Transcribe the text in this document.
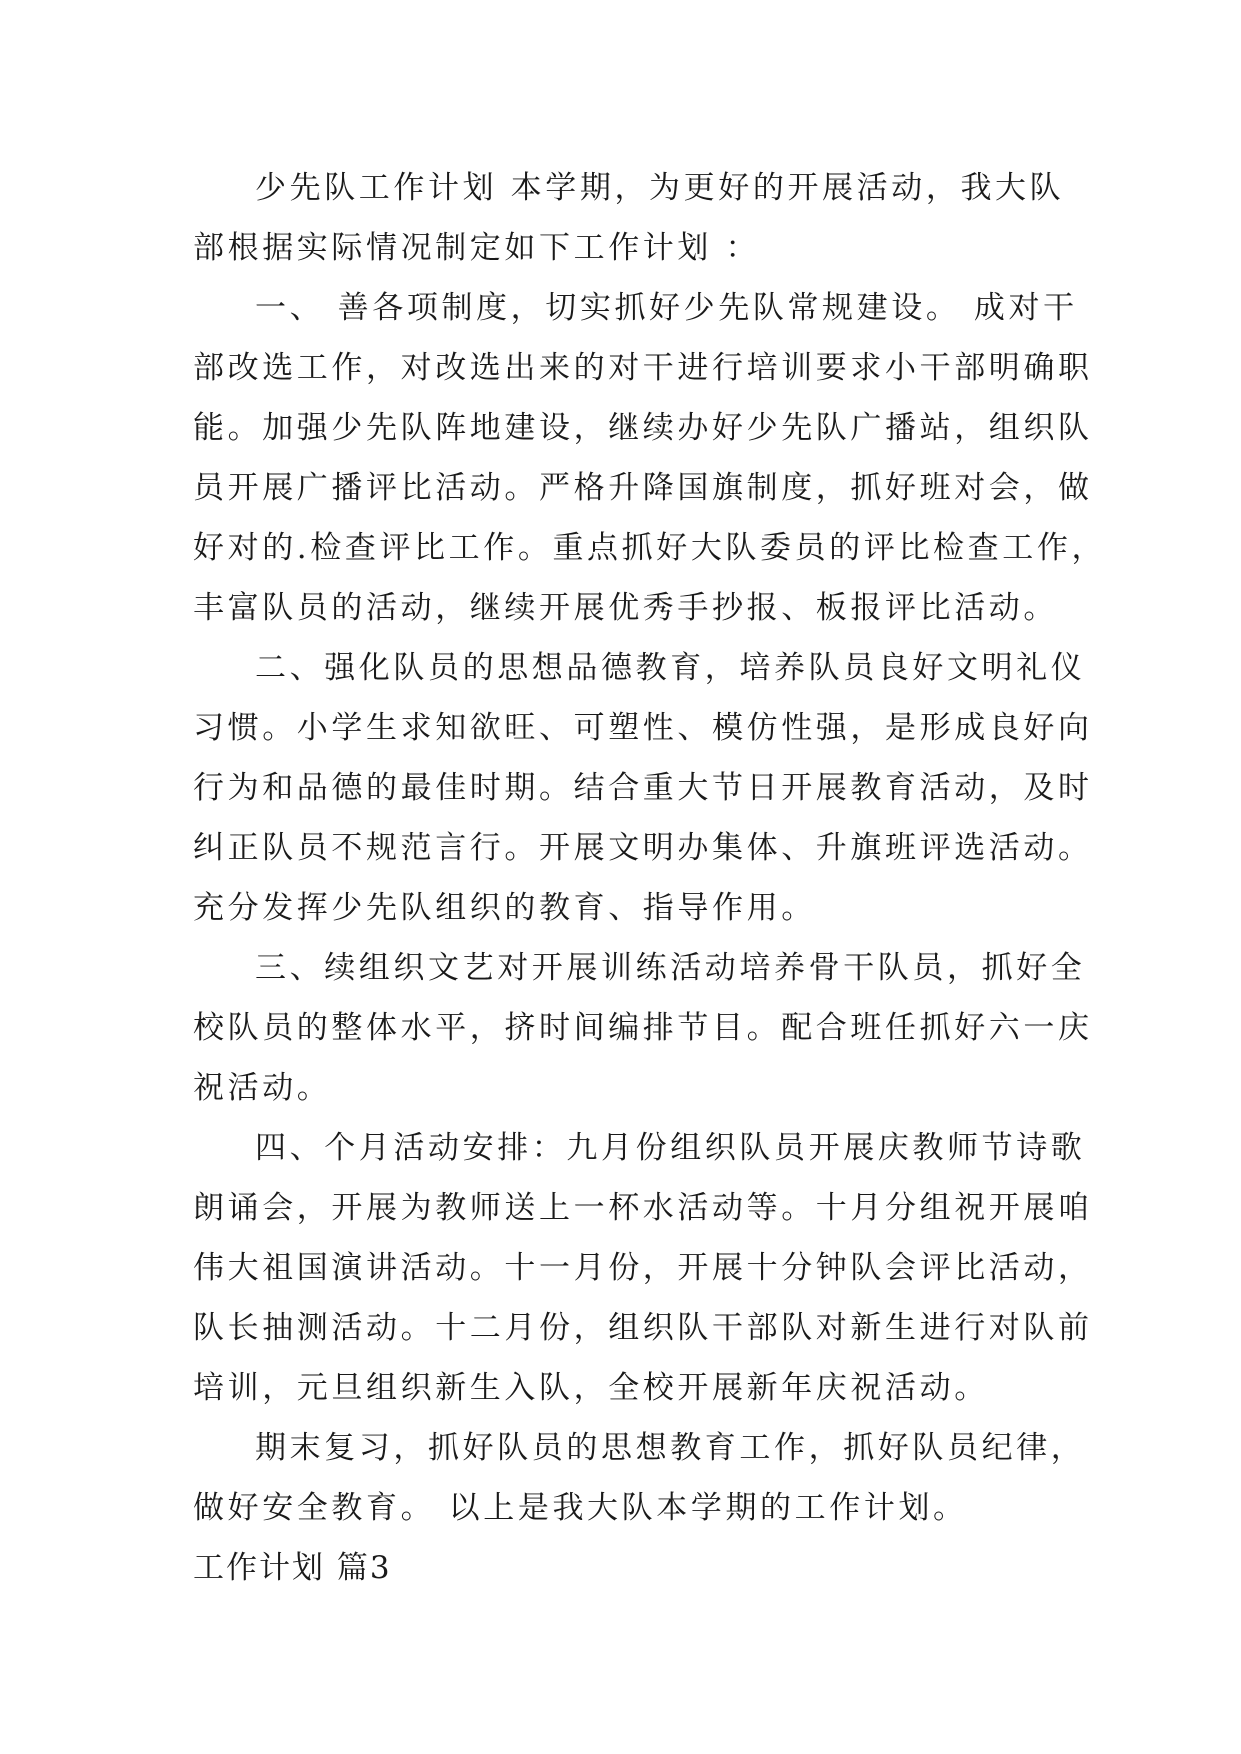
少先队工作计划 本学期，为更好的开展活动，我大队
部根据实际情况制定如下工作计划 ：
一、 善各项制度，切实抓好少先队常规建设。 成对干
部改选工作，对改选出来的对干进行培训要求小干部明确职
能。加强少先队阵地建设，继续办好少先队广播站，组织队
员开展广播评比活动。严格升降国旗制度，抓好班对会，做
好对的.检查评比工作。重点抓好大队委员的评比检查工作，
丰富队员的活动，继续开展优秀手抄报、板报评比活动。
二、强化队员的思想品德教育，培养队员良好文明礼仪
习惯。小学生求知欲旺、可塑性、模仿性强，是形成良好向
行为和品德的最佳时期。结合重大节日开展教育活动，及时
纠正队员不规范言行。开展文明办集体、升旗班评选活动。
充分发挥少先队组织的教育、指导作用。
三、续组织文艺对开展训练活动培养骨干队员，抓好全
校队员的整体水平，挤时间编排节目。配合班任抓好六一庆
祝活动。
四、个月活动安排：九月份组织队员开展庆教师节诗歌
朗诵会，开展为教师送上一杯水活动等。十月分组祝开展咱
伟大祖国演讲活动。十一月份，开展十分钟队会评比活动，
队长抽测活动。十二月份，组织队干部队对新生进行对队前
培训，元旦组织新生入队，全校开展新年庆祝活动。
期末复习，抓好队员的思想教育工作，抓好队员纪律，
做好安全教育。 以上是我大队本学期的工作计划。
工作计划 篇3
